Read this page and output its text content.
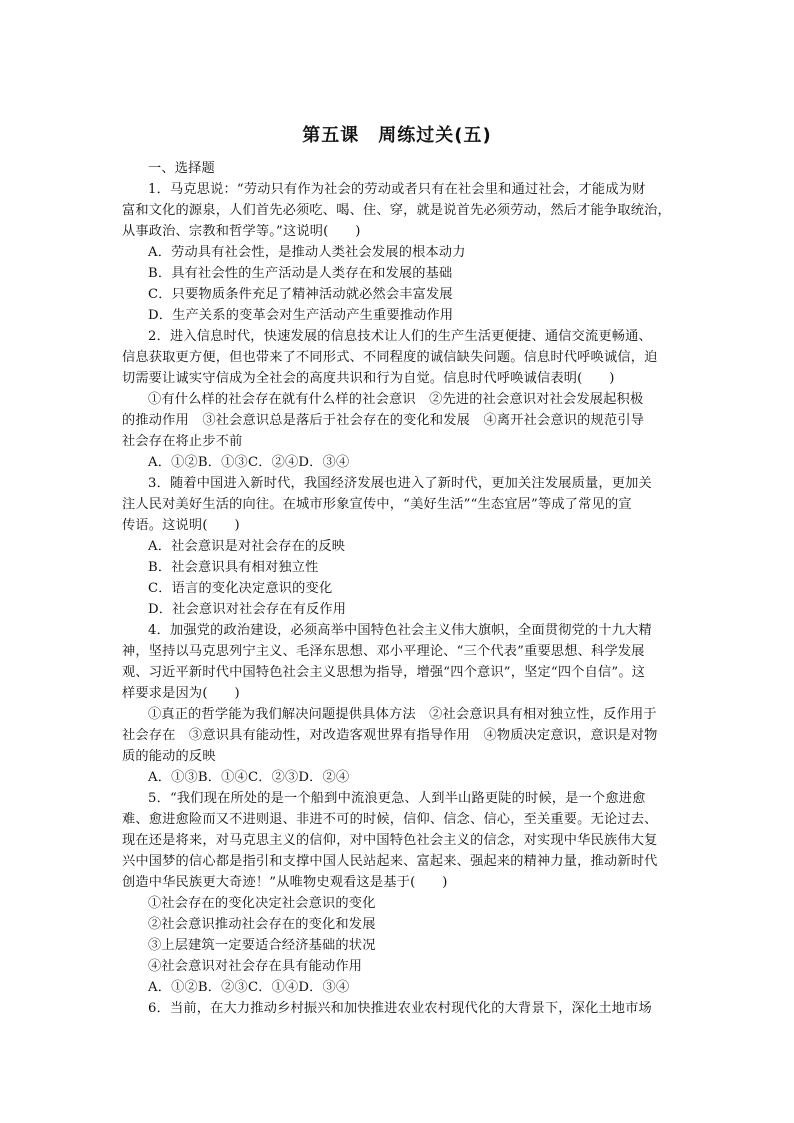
第五课　周练过关(五)
一、选择题
1．马克思说：“劳动只有作为社会的劳动或者只有在社会里和通过社会，才能成为财
富和文化的源泉，人们首先必须吃、喝、住、穿，就是说首先必须劳动，然后才能争取统治，
从事政治、宗教和哲学等。”这说明(　　)
A．劳动具有社会性，是推动人类社会发展的根本动力
B．具有社会性的生产活动是人类存在和发展的基础
C．只要物质条件充足了精神活动就必然会丰富发展
D．生产关系的变革会对生产活动产生重要推动作用
2．进入信息时代，快速发展的信息技术让人们的生产生活更便捷、通信交流更畅通、
信息获取更方便，但也带来了不同形式、不同程度的诚信缺失问题。信息时代呼唤诚信，迫
切需要让诚实守信成为全社会的高度共识和行为自觉。信息时代呼唤诚信表明(　　)
①有什么样的社会存在就有什么样的社会意识　②先进的社会意识对社会发展起积极
的推动作用　③社会意识总是落后于社会存在的变化和发展　④离开社会意识的规范引导
社会存在将止步不前
A．①②B．①③C．②④D．③④
3．随着中国进入新时代，我国经济发展也进入了新时代，更加关注发展质量，更加关
注人民对美好生活的向往。在城市形象宣传中，“美好生活”“生态宜居”等成了常见的宣
传语。这说明(　　)
A．社会意识是对社会存在的反映
B．社会意识具有相对独立性
C．语言的变化决定意识的变化
D．社会意识对社会存在有反作用
4．加强党的政治建设，必须高举中国特色社会主义伟大旗帜，全面贯彻党的十九大精
神，坚持以马克思列宁主义、毛泽东思想、邓小平理论、“三个代表”重要思想、科学发展
观、习近平新时代中国特色社会主义思想为指导，增强“四个意识”，坚定“四个自信”。这
样要求是因为(　　)
①真正的哲学能为我们解决问题提供具体方法　②社会意识具有相对独立性，反作用于
社会存在　③意识具有能动性，对改造客观世界有指导作用　④物质决定意识，意识是对物
质的能动的反映
A．①③B．①④C．②③D．②④
5．“我们现在所处的是一个船到中流浪更急、人到半山路更陡的时候，是一个愈进愈
难、愈进愈险而又不进则退、非进不可的时候，信仰、信念、信心，至关重要。无论过去、
现在还是将来，对马克思主义的信仰，对中国特色社会主义的信念，对实现中华民族伟大复
兴中国梦的信心都是指引和支撑中国人民站起来、富起来、强起来的精神力量，推动新时代
创造中华民族更大奇迹！”从唯物史观看这是基于(　　)
①社会存在的变化决定社会意识的变化
②社会意识推动社会存在的变化和发展
③上层建筑一定要适合经济基础的状况
④社会意识对社会存在具有能动作用
A．①②B．②③C．①④D．③④
6．当前，在大力推动乡村振兴和加快推进农业农村现代化的大背景下，深化土地市场
